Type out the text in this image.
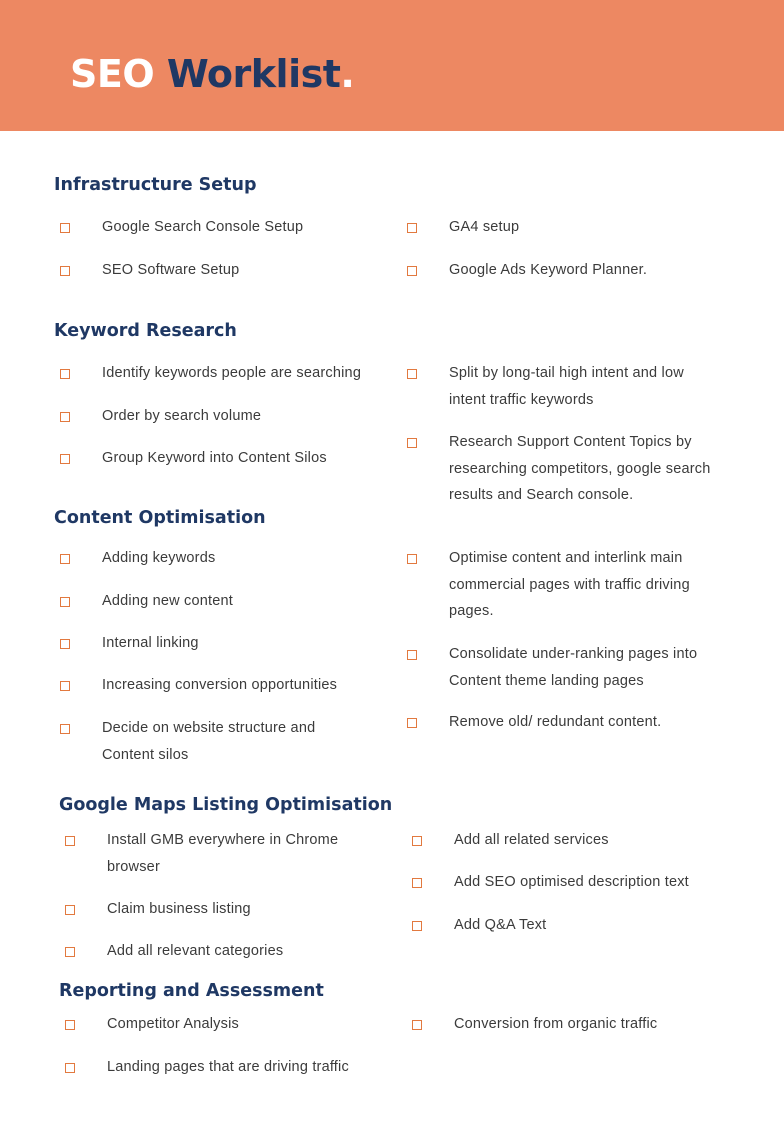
SEO Worklist.
Infrastructure Setup
Google Search Console Setup
SEO Software Setup
GA4 setup
Google Ads Keyword Planner.
Keyword Research
Identify keywords people are searching
Order by search volume
Group Keyword into Content Silos
Split by long-tail high intent and low intent traffic keywords
Research Support Content Topics by researching competitors, google search results and Search console.
Content Optimisation
Adding keywords
Adding new content
Internal linking
Increasing conversion opportunities
Decide on website structure and Content silos
Optimise content and interlink main commercial pages with traffic driving pages.
Consolidate under-ranking pages into Content theme landing pages
Remove old/ redundant content.
Google Maps Listing Optimisation
Install GMB everywhere in Chrome browser
Claim business listing
Add all relevant categories
Add all related services
Add SEO optimised description text
Add Q&A Text
Reporting and Assessment
Competitor Analysis
Landing pages that are driving traffic
Conversion from organic traffic
